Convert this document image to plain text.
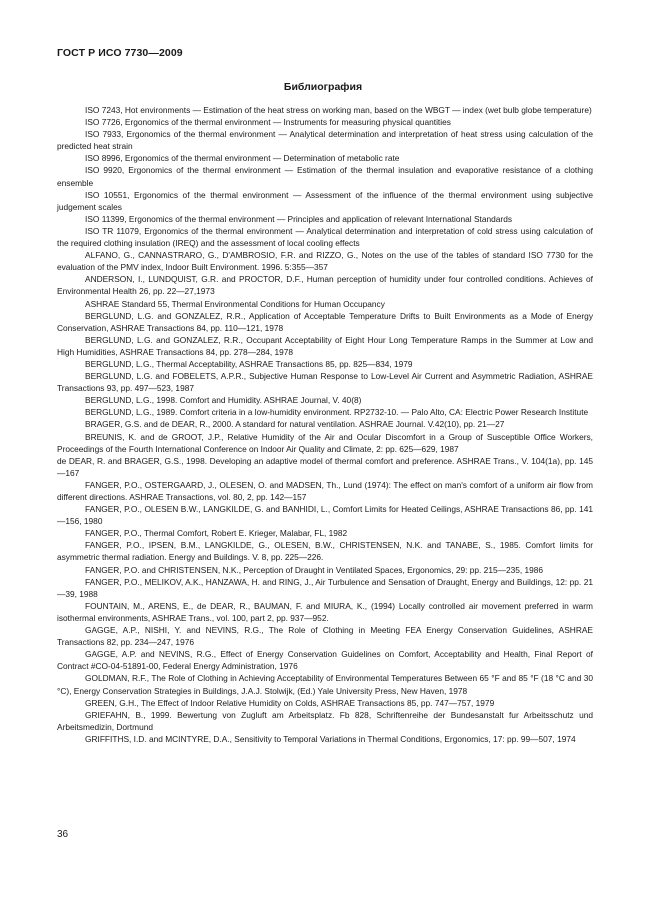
ГОСТ Р ИСО 7730—2009
Библиография

ISO 7243, Hot environments — Estimation of the heat stress on working man, based on the WBGT — index (wet bulb globe temperature)

ISO 7726, Ergonomics of the thermal environment — Instruments for measuring physical quantities

ISO 7933, Ergonomics of the thermal environment — Analytical determination and interpretation of heat stress using calculation of the predicted heat strain

ISO 8996, Ergonomics of the thermal environment — Determination of metabolic rate

ISO 9920, Ergonomics of the thermal environment — Estimation of the thermal insulation and evaporative resistance of a clothing ensemble

ISO 10551, Ergonomics of the thermal environment — Assessment of the influence of the thermal environment using subjective judgement scales

ISO 11399, Ergonomics of the thermal environment — Principles and application of relevant International Standards

ISO TR 11079, Ergonomics of the thermal environment — Analytical determination and interpretation of cold stress using calculation of the required clothing insulation (IREQ) and the assessment of local cooling effects

ALFANO, G., CANNASTRARO, G., D'AMBROSIO, F.R. and RIZZO, G., Notes on the use of the tables of standard ISO 7730 for the evaluation of the PMV index, Indoor Built Environment. 1996. 5:355—357

ANDERSON, I., LUNDQUIST, G.R. and PROCTOR, D.F., Human perception of humidity under four controlled conditions. Achieves of Environmental Health 26, pp. 22—27,1973

ASHRAE Standard 55, Thermal Environmental Conditions for Human Occupancy

BERGLUND, L.G. and GONZALEZ, R.R., Application of Acceptable Temperature Drifts to Built Environments as a Mode of Energy Conservation, ASHRAE Transactions 84, pp. 110—121, 1978

BERGLUND, L.G. and GONZALEZ, R.R., Occupant Acceptability of Eight Hour Long Temperature Ramps in the Summer at Low and High Humidities, ASHRAE Transactions 84, pp. 278—284, 1978

BERGLUND, L.G., Thermal Acceptability, ASHRAE Transactions 85, pp. 825—834, 1979

BERGLUND, L.G. and FOBELETS, A.P.R., Subjective Human Response to Low-Level Air Current and Asymmetric Radiation, ASHRAE Transactions 93, pp. 497—523, 1987

BERGLUND, L.G., 1998. Comfort and Humidity. ASHRAE Journal, V. 40(8)

BERGLUND, L.G., 1989. Comfort criteria in a low-humidity environment. RP2732-10. — Palo Alto, CA: Electric Power Research Institute

BRAGER, G.S. and de DEAR, R., 2000. A standard for natural ventilation. ASHRAE Journal. V.42(10), pp. 21—27

BREUNIS, K. and de GROOT, J.P., Relative Humidity of the Air and Ocular Discomfort in a Group of Susceptible Office Workers, Proceedings of the Fourth International Conference on Indoor Air Quality and Climate, 2: pp. 625—629, 1987

de DEAR, R. and BRAGER, G.S., 1998. Developing an adaptive model of thermal comfort and preference. ASHRAE Trans., V. 104(1a), pp. 145—167

FANGER, P.O., OSTERGAARD, J., OLESEN, O. and MADSEN, Th., Lund (1974): The effect on man's comfort of a uniform air flow from different directions. ASHRAE Transactions, vol. 80, 2, pp. 142—157

FANGER, P.O., OLESEN B.W., LANGKILDE, G. and BANHIDI, L., Comfort Limits for Heated Ceilings, ASHRAE Transactions 86, pp. 141—156, 1980

FANGER, P.O., Thermal Comfort, Robert E. Krieger, Malabar, FL, 1982

FANGER, P.O., IPSEN, B.M., LANGKILDE, G., OLESEN, B.W., CHRISTENSEN, N.K. and TANABE, S., 1985. Comfort limits for asymmetric thermal radiation. Energy and Buildings. V. 8, pp. 225—226.

FANGER, P.O. and CHRISTENSEN, N.K., Perception of Draught in Ventilated Spaces, Ergonomics, 29: pp. 215—235, 1986

FANGER, P.O., MELIKOV, A.K., HANZAWA, H. and RING, J., Air Turbulence and Sensation of Draught, Energy and Buildings, 12: pp. 21—39, 1988

FOUNTAIN, M., ARENS, E., de DEAR, R., BAUMAN, F. and MIURA, K., (1994) Locally controlled air movement preferred in warm isothermal environments, ASHRAE Trans., vol. 100, part 2, pp. 937—952.

GAGGE, A.P., NISHI, Y. and NEVINS, R.G., The Role of Clothing in Meeting FEA Energy Conservation Guidelines, ASHRAE Transactions 82, pp. 234—247, 1976

GAGGE, A.P. and NEVINS, R.G., Effect of Energy Conservation Guidelines on Comfort, Acceptability and Health, Final Report of Contract #CO-04-51891-00, Federal Energy Administration, 1976

GOLDMAN, R.F., The Role of Clothing in Achieving Acceptability of Environmental Temperatures Between 65 °F and 85 °F (18 °C and 30 °C), Energy Conservation Strategies in Buildings, J.A.J. Stolwijk, (Ed.) Yale University Press, New Haven, 1978

GREEN, G.H., The Effect of Indoor Relative Humidity on Colds, ASHRAE Transactions 85, pp. 747—757, 1979

GRIEFAHN, B., 1999. Bewertung von Zugluft am Arbeitsplatz. Fb 828, Schriftenreihe der Bundesanstalt fur Arbeitsschutz und Arbeitsmedizin, Dortmund

GRIFFITHS, I.D. and MCINTYRE, D.A., Sensitivity to Temporal Variations in Thermal Conditions, Ergonomics, 17: pp. 99—507, 1974

36
